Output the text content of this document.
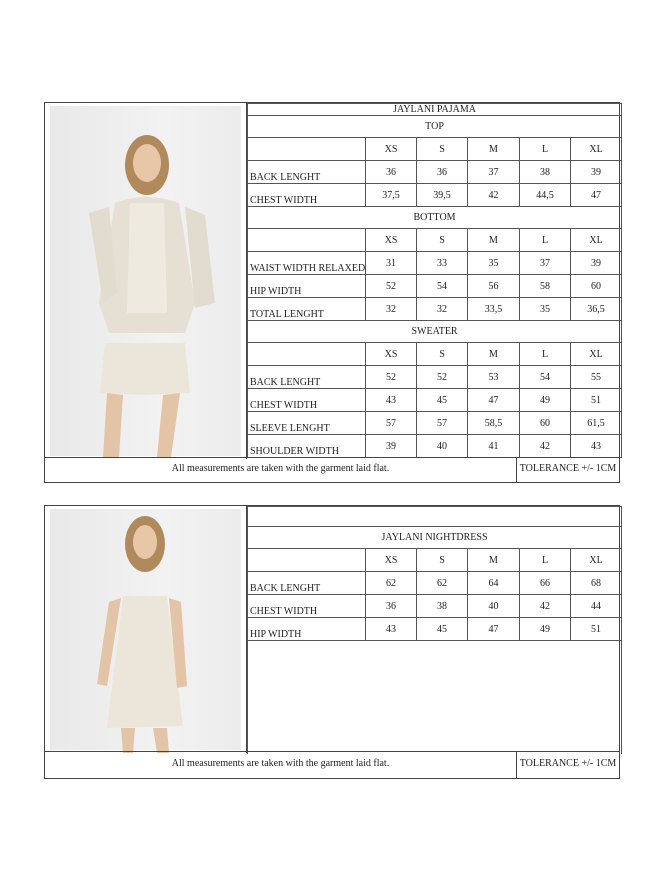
JAYLANI PAJAMA					
TOP					
	XS	S	M	L	XL
BACK LENGHT	36	36	37	38	39
CHEST WIDTH	37,5	39,5	42	44,5	47
BOTTOM					
	XS	S	M	L	XL
WAIST WIDTH RELAXED	31	33	35	37	39
HIP WIDTH	52	54	56	58	60
TOTAL LENGHT	32	32	33,5	35	36,5
SWEATER					
	XS	S	M	L	XL
BACK LENGHT	52	52	53	54	55
CHEST WIDTH	43	45	47	49	51
SLEEVE LENGHT	57	57	58,5	60	61,5
SHOULDER WIDTH	39	40	41	42	43
All measurements are taken with the garment laid flat.	TOLERANCE +/- 1CM

JAYLANI NIGHTDRESS					
	XS	S	M	L	XL
BACK LENGHT	62	62	64	66	68
CHEST WIDTH	36	38	40	42	44
HIP WIDTH	43	45	47	49	51

All measurements are taken with the garment laid flat.	TOLERANCE +/- 1CM
